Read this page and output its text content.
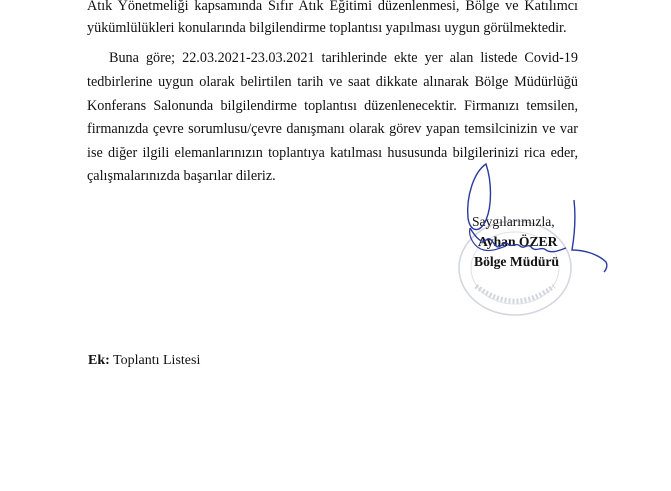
Atık Yönetmeliği kapsamında Sıfır Atık Eğitimi düzenlenmesi, Bölge ve Katılımcı
yükümlülükleri konularında bilgilendirme toplantısı yapılması uygun görülmektedir.
Buna göre; 22.03.2021-23.03.2021 tarihlerinde ekte yer alan listede Covid-19
tedbirlerine uygun olarak belirtilen tarih ve saat dikkate alınarak Bölge Müdürlüğü
Konferans Salonunda bilgilendirme toplantısı düzenlenecektir. Firmanızı temsilen,
firmanızda çevre sorumlusu/çevre danışmanı olarak görev yapan temsilcinizin ve var
ise diğer ilgili elemanlarınızın toplantıya katılması hususunda bilgilerinizi rica eder,
çalışmalarınızda başarılar dileriz.
Saygılarımızla,
Ayhan ÖZER
Bölge Müdürü
Ek: Toplantı Listesi
